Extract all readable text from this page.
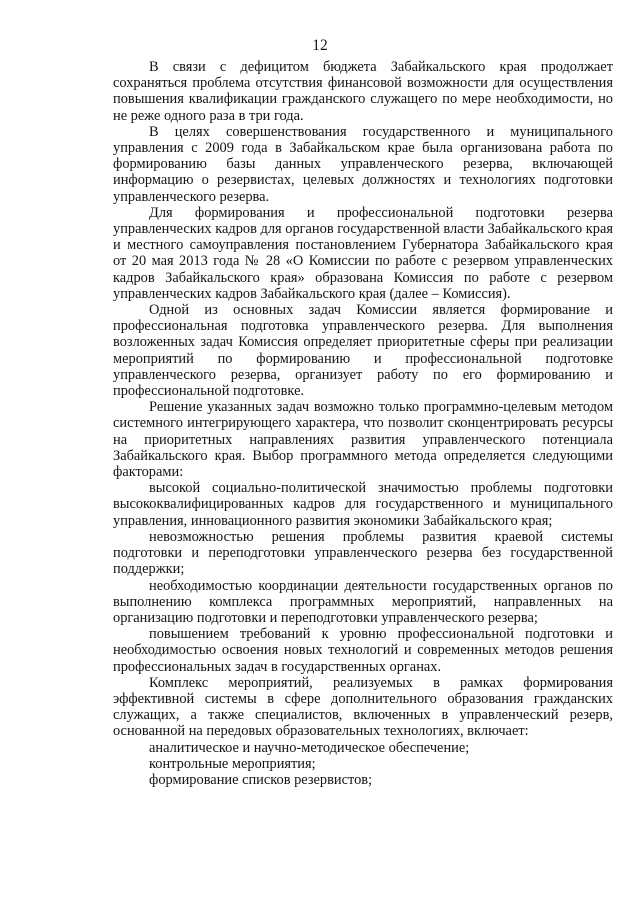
12

В связи с дефицитом бюджета Забайкальского края продолжает сохраняться проблема отсутствия финансовой возможности для осуществления повышения квалификации гражданского служащего по мере необходимости, но не реже одного раза в три года.

В целях совершенствования государственного и муниципального управления с 2009 года в Забайкальском крае была организована работа по формированию базы данных управленческого резерва, включающей информацию о резервистах, целевых должностях и технологиях подготовки управленческого резерва.

Для формирования и профессиональной подготовки резерва управленческих кадров для органов государственной власти Забайкальского края и местного самоуправления постановлением Губернатора Забайкальского края от 20 мая 2013 года № 28 «О Комиссии по работе с резервом управленческих кадров Забайкальского края» образована Комиссия по работе с резервом управленческих кадров Забайкальского края (далее – Комиссия).

Одной из основных задач Комиссии является формирование и профессиональная подготовка управленческого резерва. Для выполнения возложенных задач Комиссия определяет приоритетные сферы при реализации мероприятий по формированию и профессиональной подготовке управленческого резерва, организует работу по его формированию и профессиональной подготовке.

Решение указанных задач возможно только программно-целевым методом системного интегрирующего характера, что позволит сконцентрировать ресурсы на приоритетных направлениях развития управленческого потенциала Забайкальского края. Выбор программного метода определяется следующими факторами:

высокой социально-политической значимостью проблемы подготовки высококвалифицированных кадров для государственного и муниципального управления, инновационного развития экономики Забайкальского края;

невозможностью решения проблемы развития краевой системы подготовки и переподготовки управленческого резерва без государственной поддержки;

необходимостью координации деятельности государственных органов по выполнению комплекса программных мероприятий, направленных на организацию подготовки и переподготовки управленческого резерва;

повышением требований к уровню профессиональной подготовки и необходимостью освоения новых технологий и современных методов решения профессиональных задач в государственных органах.

Комплекс мероприятий, реализуемых в рамках формирования эффективной системы в сфере дополнительного образования гражданских служащих, а также специалистов, включенных в управленческий резерв, основанной на передовых образовательных технологиях, включает:

аналитическое и научно-методическое обеспечение;

контрольные мероприятия;

формирование списков резервистов;
